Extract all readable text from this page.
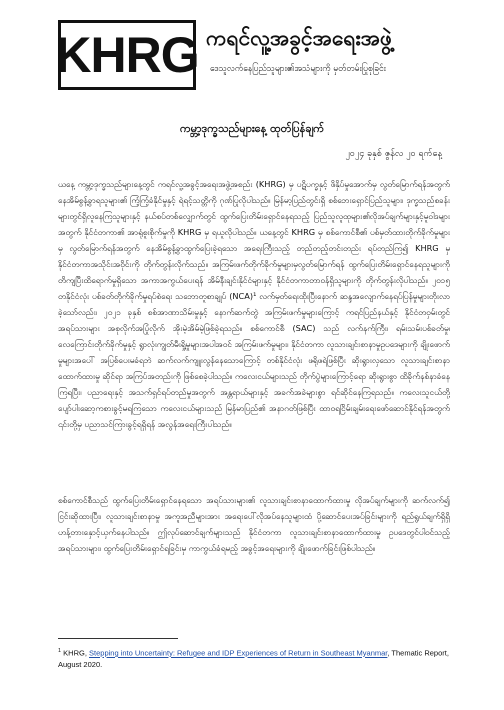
KHRG ကရင်လူ့အခွင့်အရေးအဖွဲ့
ဒေသူလက်နေပြည်သူများ၏အသံများကို မှတ်တမ်းပြုစုခြင်း
ကမ္ဘာ့ဒုက္ခသည်များနေ့ ထုတ်ပြန်ချက်
၂၀၂၄ ခုနှစ် ဇွန်လ ၂၀ ရက်နေ့

ယနေ့ ကမ္ဘာ့ဒုက္ခသည်များနေ့တွင် ကရင်လူ့အခွင့်အရေးအဖွဲ့အစည်း (KHRG) မှ ပဋိပက္ခနှင့် ဖိနှိပ်မှုအောက်မှ လွတ်မြောက်ရန်အတွက် နေအိမ်စွန့်ခွာရသူများ၏ ကြံ့ကြံ့ခံနိုင်မှုနှင့် ရဲရင့်သတ္တိကို ဂုဏ်ပြုလိုပါသည်။ မြန်မာ့ပြည်တွင်းရှိ စစ်ဘေးရှောင်ပြည်သူများ၊ ဒုက္ခသည်စခန်းများတွင်ရှိလူနေကြသူများနှင့် နယ်စပ်တစ်လျှောက်တွင် ထွက်ပြေးတိမ်းရှောင်နေရသည့် ပြည်သူလူထုများ၏လိုအပ်ချက်များနှင့်မူဝါဒများအတွက် နိုင်ငံတကာ၏ အာရုံစူးစိုက်မှုကို KHRG မှ ရယူလိုပါသည်။ ယနေ့တွင် KHRG မှ စစ်ကောင်စီ၏ ပစ်မှတ်ထားတိုက်ခိုက်မှုများမှ လွတ်မြောက်ရန်အတွက် နေအိမ်စွန့်ခွာထွက်ပြေးခဲ့ရသော အရေးကြီးသည့် တည်တည့်တင်းတည်း ရပ်တည်ကြ၍ KHRG မှ နိုင်ငံတကာအသိုင်းအဝိုင်းကို တိုက်တွန်းလိုက်သည်။ အကြမ်းဖက်တိုက်ခိုက်မှုများမှလွတ်မြောက်ရန် ထွက်ပြေးတိမ်းရှောင်နေရသူများကို တိကျပြီးထိရောက်မှုရှိသော အကာအကွယ်ပေးရန် အိမ်နီးချင်းနိုင်ငံများနှင့် နိုင်ငံတကာတာဝန်ရှိသူများကို တိုက်တွန်းလိုပါသည်။ ၂၀၁၅ တနိုင်ငံလုံး ပစ်ခတ်တိုက်ခိုက်မှုရပ်စဲရေး သဘောတူစာချုပ် (NCA)¹ လက်မှတ်ရေးထိုးပြီးနောက် ဆန္ဒအလျောက်နေရပ်ပြန်မှုများတိုးလာခဲ့သော်လည်း၊ ၂၀၂၁ ခုနှစ် စစ်အာဏာသိမ်းမှုနှင့် နောက်ဆက်တွဲ အကြမ်းဖက်မှုများကြောင့် ကရင်ပြည်နယ်နှင့် နိုင်ငံတဝှမ်းတွင် အရပ်သားများ အစုလိုက်အပြုံလိုက် အိုးမဲ့အိမ်မဲ့ဖြစ်ခဲ့ရသည်။ စစ်ကောင်စီ (SAC) သည် လက်နက်ကြီး၊ ရမ်းသမ်းပစ်ခတ်မှု၊ လေကြောင်းတိုက်ခိုက်မှုနှင့် ရွာလုံးကျွတ်မီးရှို့မှုများအပါအဝင် အကြမ်းဖက်မှုများ၊ နိုင်ငံတကာ လူသားချင်းစာနာမှုဥပဒေများကို ချိုးဖောက်မှုများအပေါ် အပြစ်ပေးမခံရဘဲ ဆက်လက်ကျူးလွန်နေသောကြောင့် တစ်နိုင်ငံလုံး ဖရိုဖရဲဖြစ်ပြီး ဆိုးရွားလှသော လူသားချင်းစာနာထောက်ထားမှု ဆိုင်ရာ အကြပ်အတည်းကို ဖြစ်စေခဲ့ပါသည်။ ကလေးငယ်များသည် တိုက်ပွဲများကြောင့်ရော ဆိုးရွားစွာ ထိခိုက်နစ်နာခံနေကြရပြီး၊ ပညာရေးနှင့် အသက်ရှင်ရပ်တည်မှုအတွက် အန္တရာယ်များနှင့် အခက်အခဲများစွာ ရင်ဆိုင်နေကြရသည်။ ကလေးသူငယ်တို့ ပျော်ပါးဆော့ကစားခွင့်မရကြသော ကလေးငယ်များသည် မြန်မာပြည်၏ အနာဂတ်ဖြစ်ပြီး ထာဝရငြိမ်းချမ်းရေးဖော်ဆောင်နိုင်ရန်အတွက် ၎င်းတို့မှ ပညာသင်ကြားခွင့်ရရှိရန် အလွန်အရေးကြီးပါသည်။

စစ်ကောင်စီသည် ထွက်ပြေးတိမ်းရှောင်နေရသော အရပ်သားများ၏ လူသားချင်းစာနာထောက်ထားမှု လိုအပ်ချက်များကို ဆက်လက်၍ ငြင်းဆိုထားပြီး၊ လူသားချင်းစာနာမှု အကူအညီများအား အရေးပေါ်လိုအပ်နေသူများထံ ပို့ဆောင်ပေးအပ်ခြင်းများကို ရည်ရွယ်ချက်ရှိရှိ ဟန့်တားနှောင့်ယှက်နေပါသည်။ ဤလုပ်ဆောင်ချက်များသည် နိုင်ငံတကာ လူသားချင်းစာနာထောက်ထားမှု ဥပဒေတွင်ပါဝင်သည့် အရပ်သားများ၊ ထွက်ပြေးတိမ်းရှောင်ရခြင်းမှ ကာကွယ်ခံရမည့် အခွင့်အရေးများကို ချိုးဖောက်ခြင်းဖြစ်ပါသည်။

$^1$ KHRG, Stepping into Uncertainty: Refugee and IDP Experiences of Return in Southeast Myanmar, Thematic Report, August 2020.
